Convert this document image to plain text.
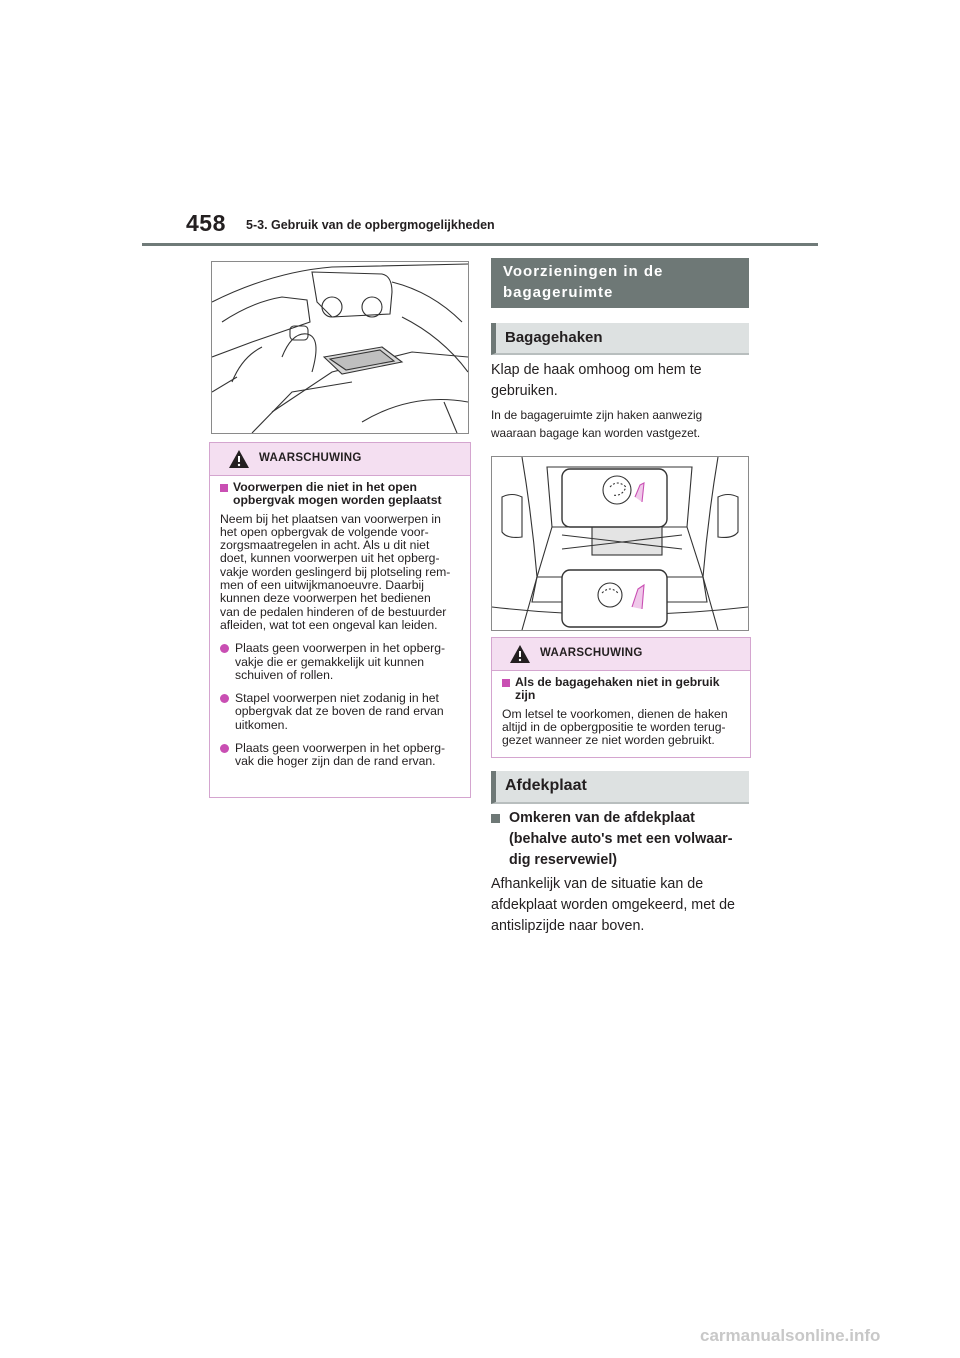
458 5-3. Gebruik van de opbergmogelijkheden
WAARSCHUWING
Voorwerpen die niet in het open opbergvak mogen worden geplaatst
Neem bij het plaatsen van voorwerpen in
het open opbergvak de volgende voor-
zorgsmaatregelen in acht. Als u dit niet
doet, kunnen voorwerpen uit het opberg-
vakje worden geslingerd bij plotseling rem-
men of een uitwijkmanoeuvre. Daarbij
kunnen deze voorwerpen het bedienen
van de pedalen hinderen of de bestuurder
afleiden, wat tot een ongeval kan leiden.
Plaats geen voorwerpen in het opberg-
vakje die er gemakkelijk uit kunnen
schuiven of rollen.
Stapel voorwerpen niet zodanig in het
opbergvak dat ze boven de rand ervan
uitkomen.
Plaats geen voorwerpen in het opberg-
vak die hoger zijn dan de rand ervan.
Voorzieningen in de
bagageruimte
Bagagehaken
Klap de haak omhoog om hem te
gebruiken.
In de bagageruimte zijn haken aanwezig
waaraan bagage kan worden vastgezet.
WAARSCHUWING
Als de bagagehaken niet in gebruik
zijn
Om letsel te voorkomen, dienen de haken
altijd in de opbergpositie te worden terug-
gezet wanneer ze niet worden gebruikt.
Afdekplaat
Omkeren van de afdekplaat
(behalve auto's met een volwaar-
dig reservewiel)
Afhankelijk van de situatie kan de
afdekplaat worden omgekeerd, met de
antislipzijde naar boven.
carmanualsonline.info
